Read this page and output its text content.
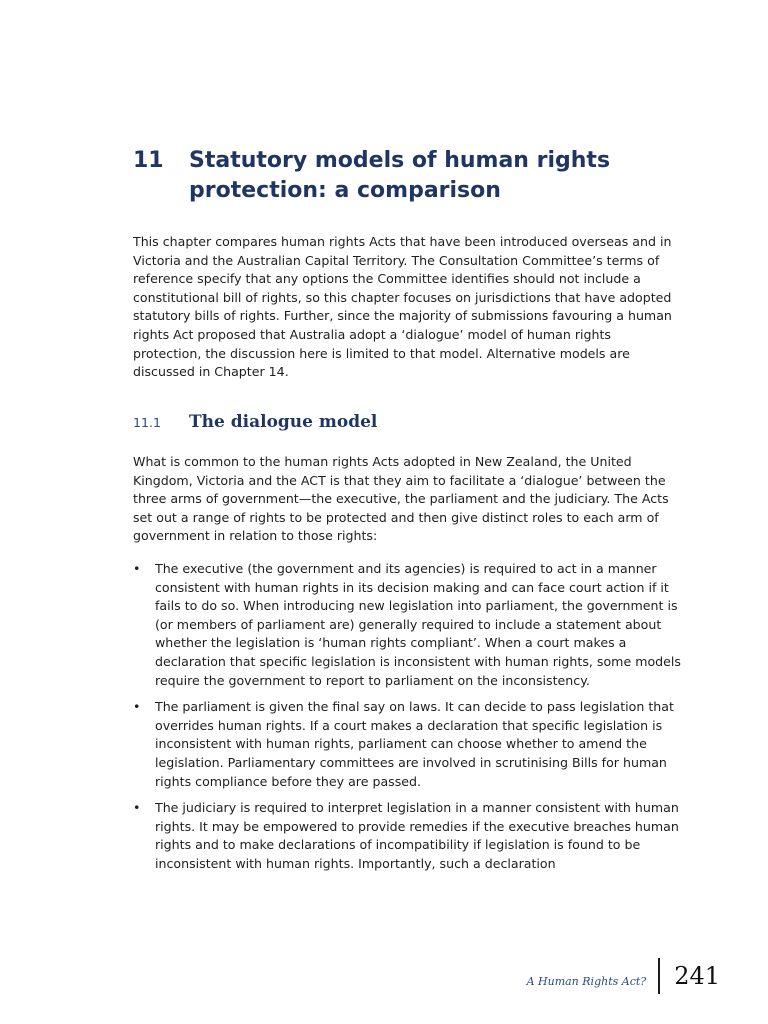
11	Statutory models of human rights protection: a comparison

This chapter compares human rights Acts that have been introduced overseas and in Victoria and the Australian Capital Territory. The Consultation Committee’s terms of reference specify that any options the Committee identifies should not include a constitutional bill of rights, so this chapter focuses on jurisdictions that have adopted statutory bills of rights. Further, since the majority of submissions favouring a human rights Act proposed that Australia adopt a ‘dialogue’ model of human rights protection, the discussion here is limited to that model. Alternative models are discussed in Chapter 14.

11.1	The dialogue model

What is common to the human rights Acts adopted in New Zealand, the United Kingdom, Victoria and the ACT is that they aim to facilitate a ‘dialogue’ between the three arms of government—the executive, the parliament and the judiciary. The Acts set out a range of rights to be protected and then give distinct roles to each arm of government in relation to those rights:

• The executive (the government and its agencies) is required to act in a manner consistent with human rights in its decision making and can face court action if it fails to do so. When introducing new legislation into parliament, the government is (or members of parliament are) generally required to include a statement about whether the legislation is ‘human rights compliant’. When a court makes a declaration that specific legislation is inconsistent with human rights, some models require the government to report to parliament on the inconsistency.

• The parliament is given the final say on laws. It can decide to pass legislation that overrides human rights. If a court makes a declaration that specific legislation is inconsistent with human rights, parliament can choose whether to amend the legislation. Parliamentary committees are involved in scrutinising Bills for human rights compliance before they are passed.

• The judiciary is required to interpret legislation in a manner consistent with human rights. It may be empowered to provide remedies if the executive breaches human rights and to make declarations of incompatibility if legislation is found to be inconsistent with human rights. Importantly, such a declaration

A Human Rights Act? 241
